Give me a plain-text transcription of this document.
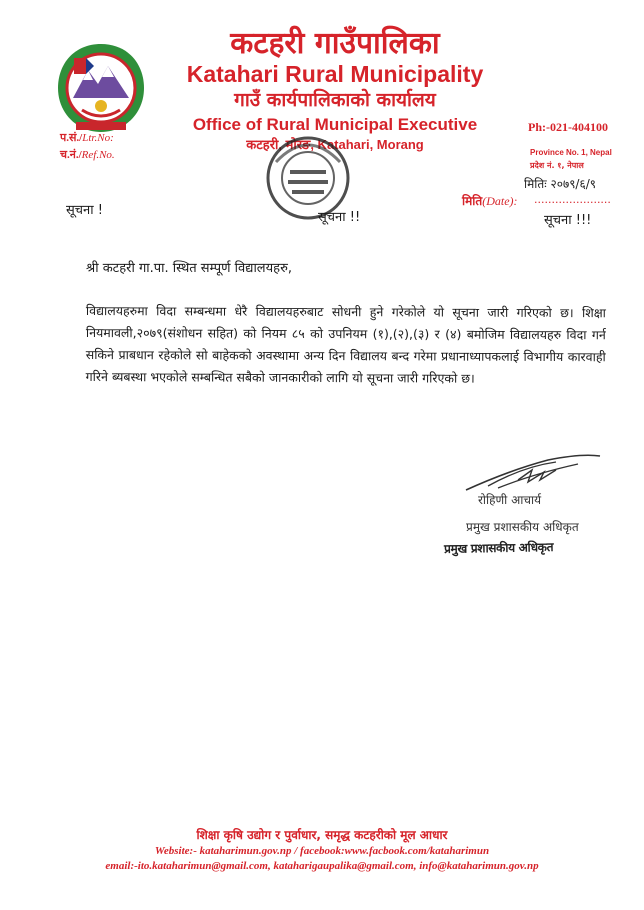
कटहरी गाउँपालिका
Katahari Rural Municipality
गाउँ कार्यपालिकाको कार्यालय
Office of Rural Municipal Executive
कटहरी, मोरङ, Katahari, Morang
Ph:-021-404100
Province No. 1, Nepal
प्रदेश नं. १, नेपाल
प.सं./Ltr.No:
च.नं./Ref.No.
मितिः २०७९/६/९
मिति(Date): ......................
सूचना !	सूचना !!	सूचना !!!
श्री कटहरी गा.पा. स्थित सम्पूर्ण विद्यालयहरु,
विद्यालयहरुमा विदा सम्बन्धमा धेरै विद्यालयहरुबाट सोधनी हुने गरेकोले यो सूचना जारी गरिएको छ। शिक्षा नियमावली,२०७९(संशोधन सहित) को नियम ८५ को उपनियम (१),(२),(३) र (४) बमोजिम विद्यालयहरु विदा गर्न सकिने प्राबधान रहेकोले सो बाहेकको अवस्थामा अन्य दिन विद्यालय बन्द गरेमा प्रधानाध्यापकलाई विभागीय कारवाही गरिने ब्यबस्था भएकोले सम्बन्धित सबैको जानकारीको लागि यो सूचना जारी गरिएको छ।
रोहिणी आचार्य
प्रमुख प्रशासकीय अधिकृत
प्रमुख प्रशासकीय अधिकृत
शिक्षा कृषि उद्योग र पुर्वाधार, समृद्ध कटहरीको मूल आधार
Website:- kataharimun.gov.np / facebook:www.facbook.com/kataharimun
email:-ito.kataharimun@gmail.com, kataharigaupalika@gmail.com, info@kataharimun.gov.np
